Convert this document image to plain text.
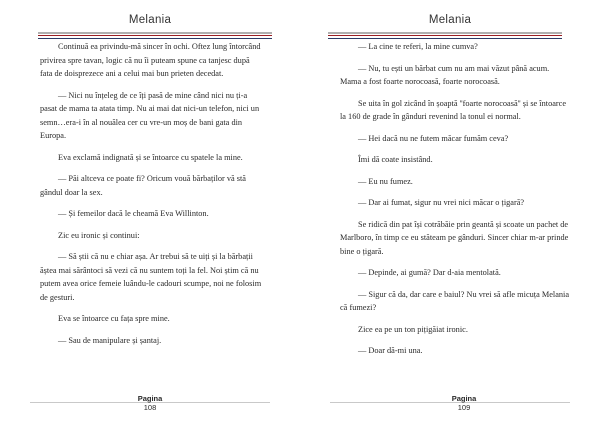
Melania

Continuă ea privindu-mă sincer în ochi. Oftez lung întorcând privirea spre tavan, logic că nu îi puteam spune ca tanjesc după fata de doisprezece ani a celui mai bun prieten decedat.

— Nici nu înțeleg de ce îți pasă de mine când nici nu ți-a pasat de mama ta atata timp. Nu ai mai dat nici-un telefon, nici un semn…era-i în al nouălea cer cu vre-un moș de bani gata din Europa.

Eva exclamă indignată și se întoarce cu spatele la mine.

— Păi altceva ce poate fi? Oricum vouă bărbaților vă stă gândul doar la sex.

— Și femeilor dacă le cheamă Eva Willinton.

Zic eu ironic și continui:

— Să știi că nu e chiar așa. Ar trebui să te uiți și la bărbații ăștea mai sărântoci să vezi că nu suntem toți la fel. Noi știm că nu putem avea orice femeie luându-le cadouri scumpe, noi ne folosim de gesturi.

Eva se întoarce cu fața spre mine.

— Sau de manipulare și șantaj.

Pagina
108
Melania

— La cine te referi, la mine cumva?

— Nu, tu ești un bărbat cum nu am mai văzut până acum. Mama a fost foarte norocoasă, foarte norocoasă.

Se uita în gol zicând în șoaptă ''foarte norocoasă'' și se întoarce la 160 de grade în gânduri revenind la tonul ei normal.

— Hei dacă nu ne futem măcar fumăm ceva?

Îmi dă coate insistând.

— Eu nu fumez.

— Dar ai fumat, sigur nu vrei nici măcar o țigară?

Se ridică din pat își cotrăbăie prin geantă și scoate un pachet de Marlboro, în timp ce eu stăteam pe gânduri. Sincer chiar m-ar prinde bine o țigară.

— Depinde, ai gumă? Dar d-aia mentolată.

— Sigur că da, dar care e baiul? Nu vrei să afle micuța Melania că fumezi?

Zice ea pe un ton pițigăiat ironic.

— Doar dă-mi una.

Pagina
109
